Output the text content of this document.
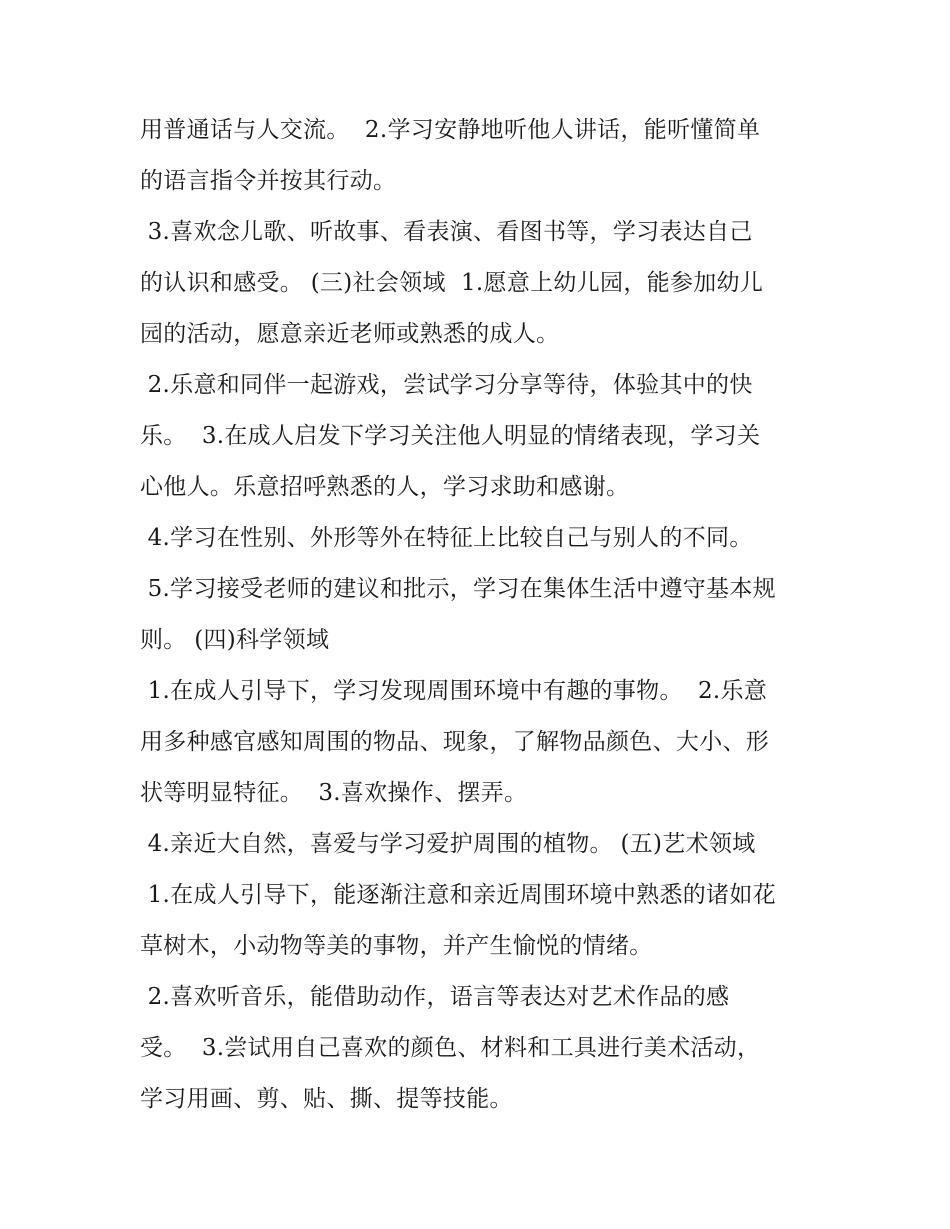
用普通话与人交流。  2.学习安静地听他人讲话，能听懂简单
的语言指令并按其行动。
3.喜欢念儿歌、听故事、看表演、看图书等，学习表达自己
的认识和感受。 (三)社会领域  1.愿意上幼儿园，能参加幼儿
园的活动，愿意亲近老师或熟悉的成人。
2.乐意和同伴一起游戏，尝试学习分享等待，体验其中的快
乐。  3.在成人启发下学习关注他人明显的情绪表现，学习关
心他人。乐意招呼熟悉的人，学习求助和感谢。
4.学习在性别、外形等外在特征上比较自己与别人的不同。
5.学习接受老师的建议和批示，学习在集体生活中遵守基本规
则。 (四)科学领域
1.在成人引导下，学习发现周围环境中有趣的事物。  2.乐意
用多种感官感知周围的物品、现象，了解物品颜色、大小、形
状等明显特征。  3.喜欢操作、摆弄。
4.亲近大自然，喜爱与学习爱护周围的植物。 (五)艺术领域
1.在成人引导下，能逐渐注意和亲近周围环境中熟悉的诸如花
草树木，小动物等美的事物，并产生愉悦的情绪。
2.喜欢听音乐，能借助动作，语言等表达对艺术作品的感
受。  3.尝试用自己喜欢的颜色、材料和工具进行美术活动，
学习用画、剪、贴、撕、提等技能。
